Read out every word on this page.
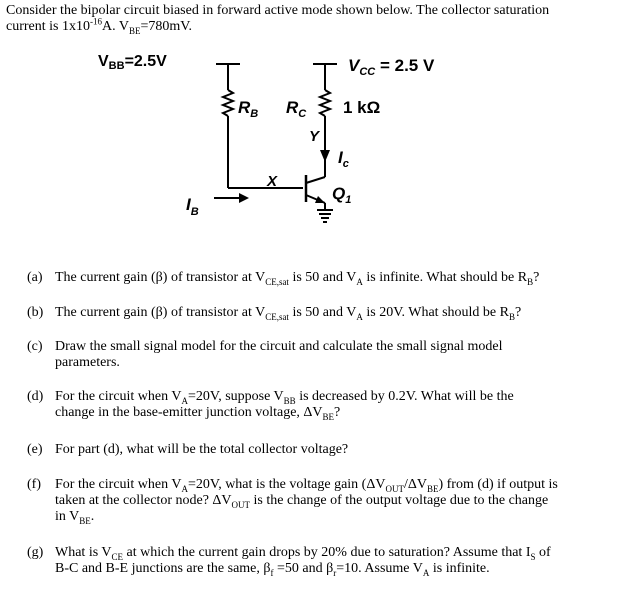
Consider the bipolar circuit biased in forward active mode shown below. The collector saturation
current is $1x10^{-16}A$. $V_{BE}=780mV$.

VBB=2.5V	$V_{CC} = 2.5$ V
$R_B$ $R_C$ 1 kΩ
Y
$I_c$
X
$I_B$
$Q_1$
(a) The current gain (β) of transistor at $V_{CE,sat}$ is 50 and $V_A$ is infinite. What should be $R_B$?
(b) The current gain (β) of transistor at $V_{CE,sat}$ is 50 and $V_A$ is 20V. What should be $R_B$?
(c) Draw the small signal model for the circuit and calculate the small signal model
parameters.
(d) For the circuit when $V_A=20V$, suppose $V_{BB}$ is decreased by 0.2V. What will be the
change in the base-emitter junction voltage, $\Delta V_{BE}$?
(e) For part (d), what will be the total collector voltage?
(f) For the circuit when $V_A=20V$, what is the voltage gain $(\Delta V_{OUT}/\Delta V_{BE})$ from (d) if output is
taken at the collector node? $\Delta V_{OUT}$ is the change of the output voltage due to the change
in $V_{BE}$.
(g) What is $V_{CE}$ at which the current gain drops by 20% due to saturation? Assume that $I_S$ of
B-C and B-E junctions are the same, $\beta_f =50$ and $\beta_r=10$. Assume $V_A$ is infinite.
